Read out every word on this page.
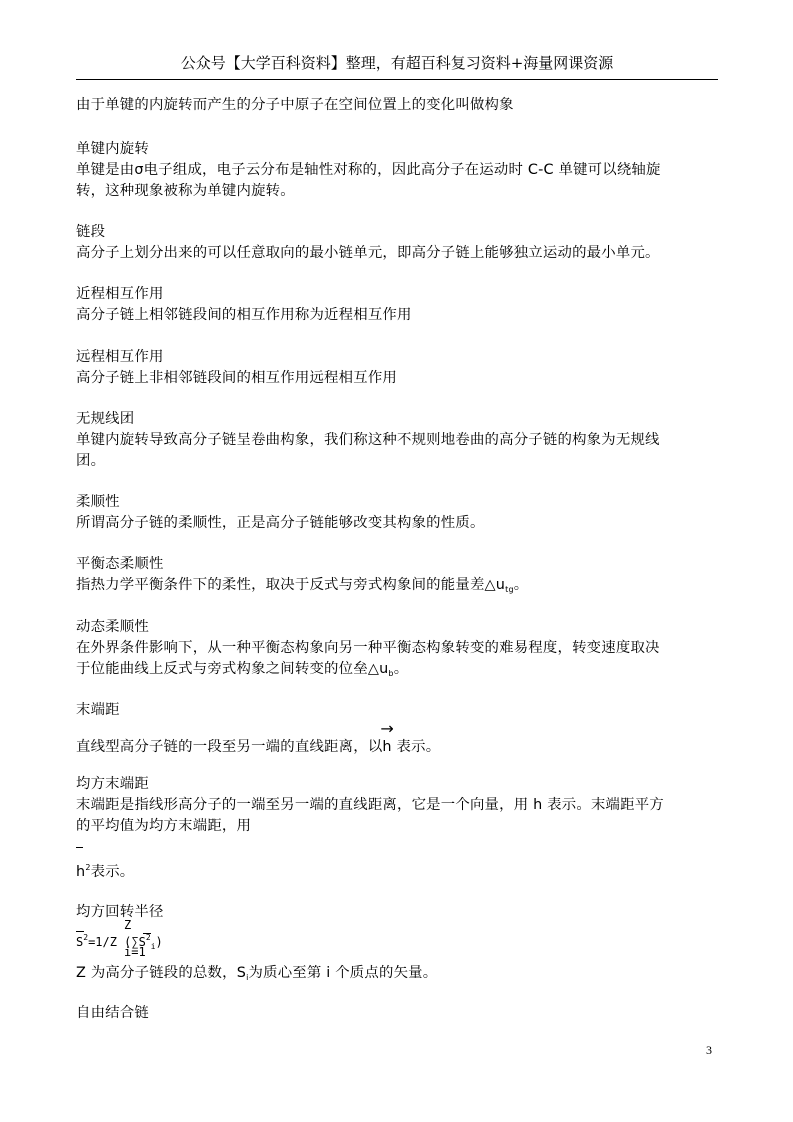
公众号【大学百科资料】整理，有超百科复习资料+海量网课资源
由于单键的内旋转而产生的分子中原子在空间位置上的变化叫做构象
单键内旋转
单键是由σ电子组成，电子云分布是轴性对称的，因此高分子在运动时 C-C 单键可以绕轴旋
转，这种现象被称为单键内旋转。
链段
高分子上划分出来的可以任意取向的最小链单元，即高分子链上能够独立运动的最小单元。
近程相互作用
高分子链上相邻链段间的相互作用称为近程相互作用
远程相互作用
高分子链上非相邻链段间的相互作用远程相互作用
无规线团
单键内旋转导致高分子链呈卷曲构象，我们称这种不规则地卷曲的高分子链的构象为无规线
团。
柔顺性
所谓高分子链的柔顺性，正是高分子链能够改变其构象的性质。
平衡态柔顺性
指热力学平衡条件下的柔性，取决于反式与旁式构象间的能量差$\triangle u_{tg}$。
动态柔顺性
在外界条件影响下，从一种平衡态构象向另一种平衡态构象转变的难易程度，转变速度取决
于位能曲线上反式与旁式构象之间转变的位垒$\triangle u_b$。
末端距
直线型高分子链的一段至另一端的直线距离，以
→
h 表示。
均方末端距
末端距是指线形高分子的一端至另一端的直线距离，它是一个向量，用 h 表示。末端距平方
的平均值为均方末端距，用
$h^2$表示。
均方回转半径
Z
$S^2=1/Z$ $(\sum S^2_i)$
i=1
Z 为高分子链段的总数，$S_i$为质心至第 i 个质点的矢量。
自由结合链
3
